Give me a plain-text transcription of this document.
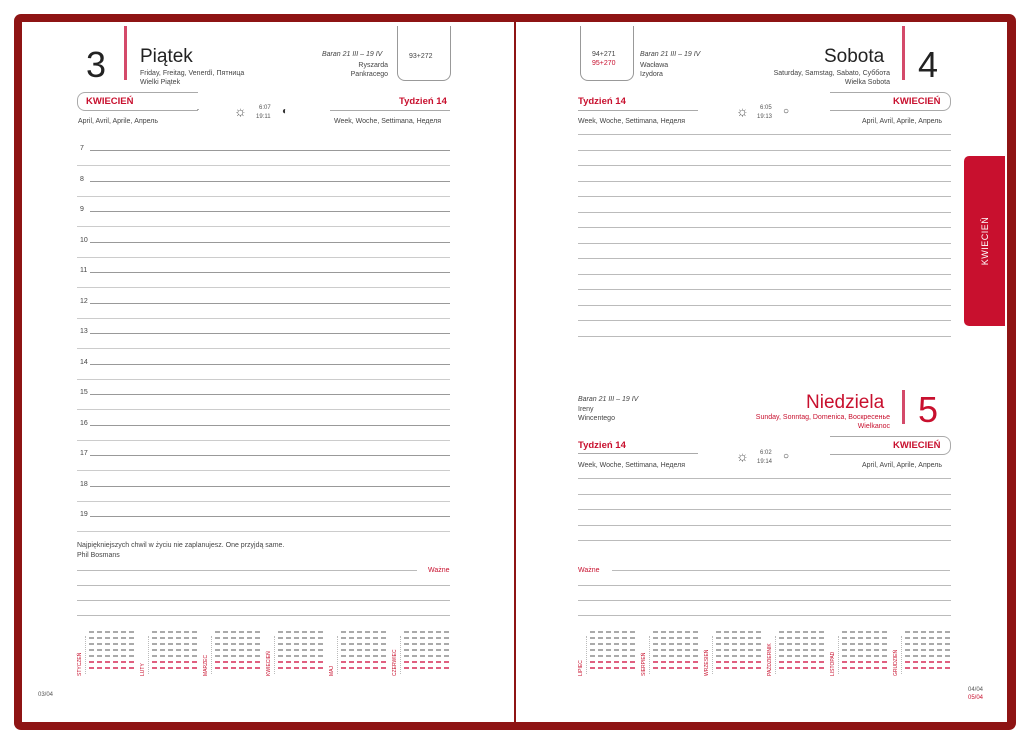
KWIECIEŃ
3 Piątek
Friday, Freitag, Venerdì, Пятница
Wielki Piątek
Baran 21 III – 19 IV
Ryszarda
Pankracego
93+272
KWIECIEŃ
April, Avril, Aprile, Апрель
☼ 6:07
19:11 ◐
Tydzień 14
Week, Woche, Settimana, Неделя
7
8
9
10
11
12
13
14
15
16
17
18
19
Najpiękniejszych chwil w życiu nie zaplanujesz. One przyjdą same.
Phil Bosmans
Ważne
STYCZEŃ	LUTY	MARZEC	KWIECIEŃ	MAJ	CZERWIEC
03/04
94+271
95+270
Baran 21 III – 19 IV
Wacława
Izydora
Sobota
Saturday, Samstag, Sabato, Суббота
Wielka Sobota 4
Tydzień 14
Week, Woche, Settimana, Неделя
☼ 6:05
19:13 ○
KWIECIEŃ
April, Avril, Aprile, Апрель
Baran 21 III – 19 IV
Ireny
Wincentego
Niedziela
Sunday, Sonntag, Domenica, Воскресенье
Wielkanoc 5
Tydzień 14
Week, Woche, Settimana, Неделя
☼ 6:02
19:14 ○
KWIECIEŃ
April, Avril, Aprile, Апрель
Ważne
LIPIEC	SIERPIEŃ	WRZESIEŃ	PAŹDZIERNIK	LISTOPAD	GRUDZIEŃ
04/04
05/04
